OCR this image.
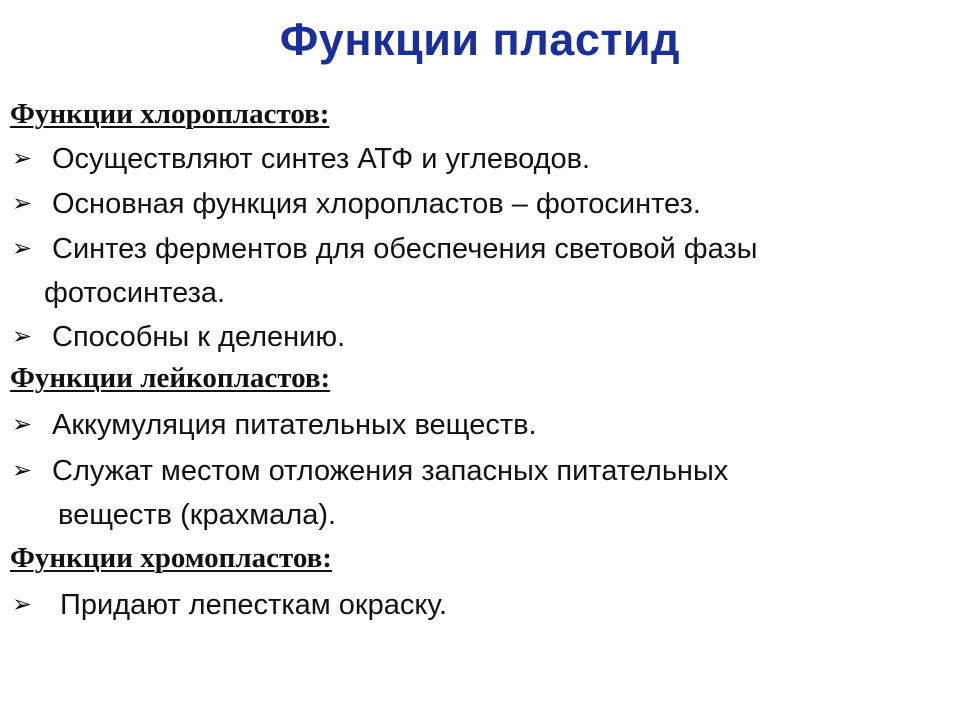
Функции пластид
Функции хлоропластов:
➢ Осуществляют синтез АТФ и углеводов.
➢ Основная функция хлоропластов – фотосинтез.
➢ Синтез ферментов для обеспечения световой фазы
фотосинтеза.
➢ Способны к делению.
Функции лейкопластов:
➢ Аккумуляция питательных веществ.
➢ Служат местом отложения запасных питательных
веществ (крахмала).
Функции хромопластов:
➢ Придают лепесткам окраску.
